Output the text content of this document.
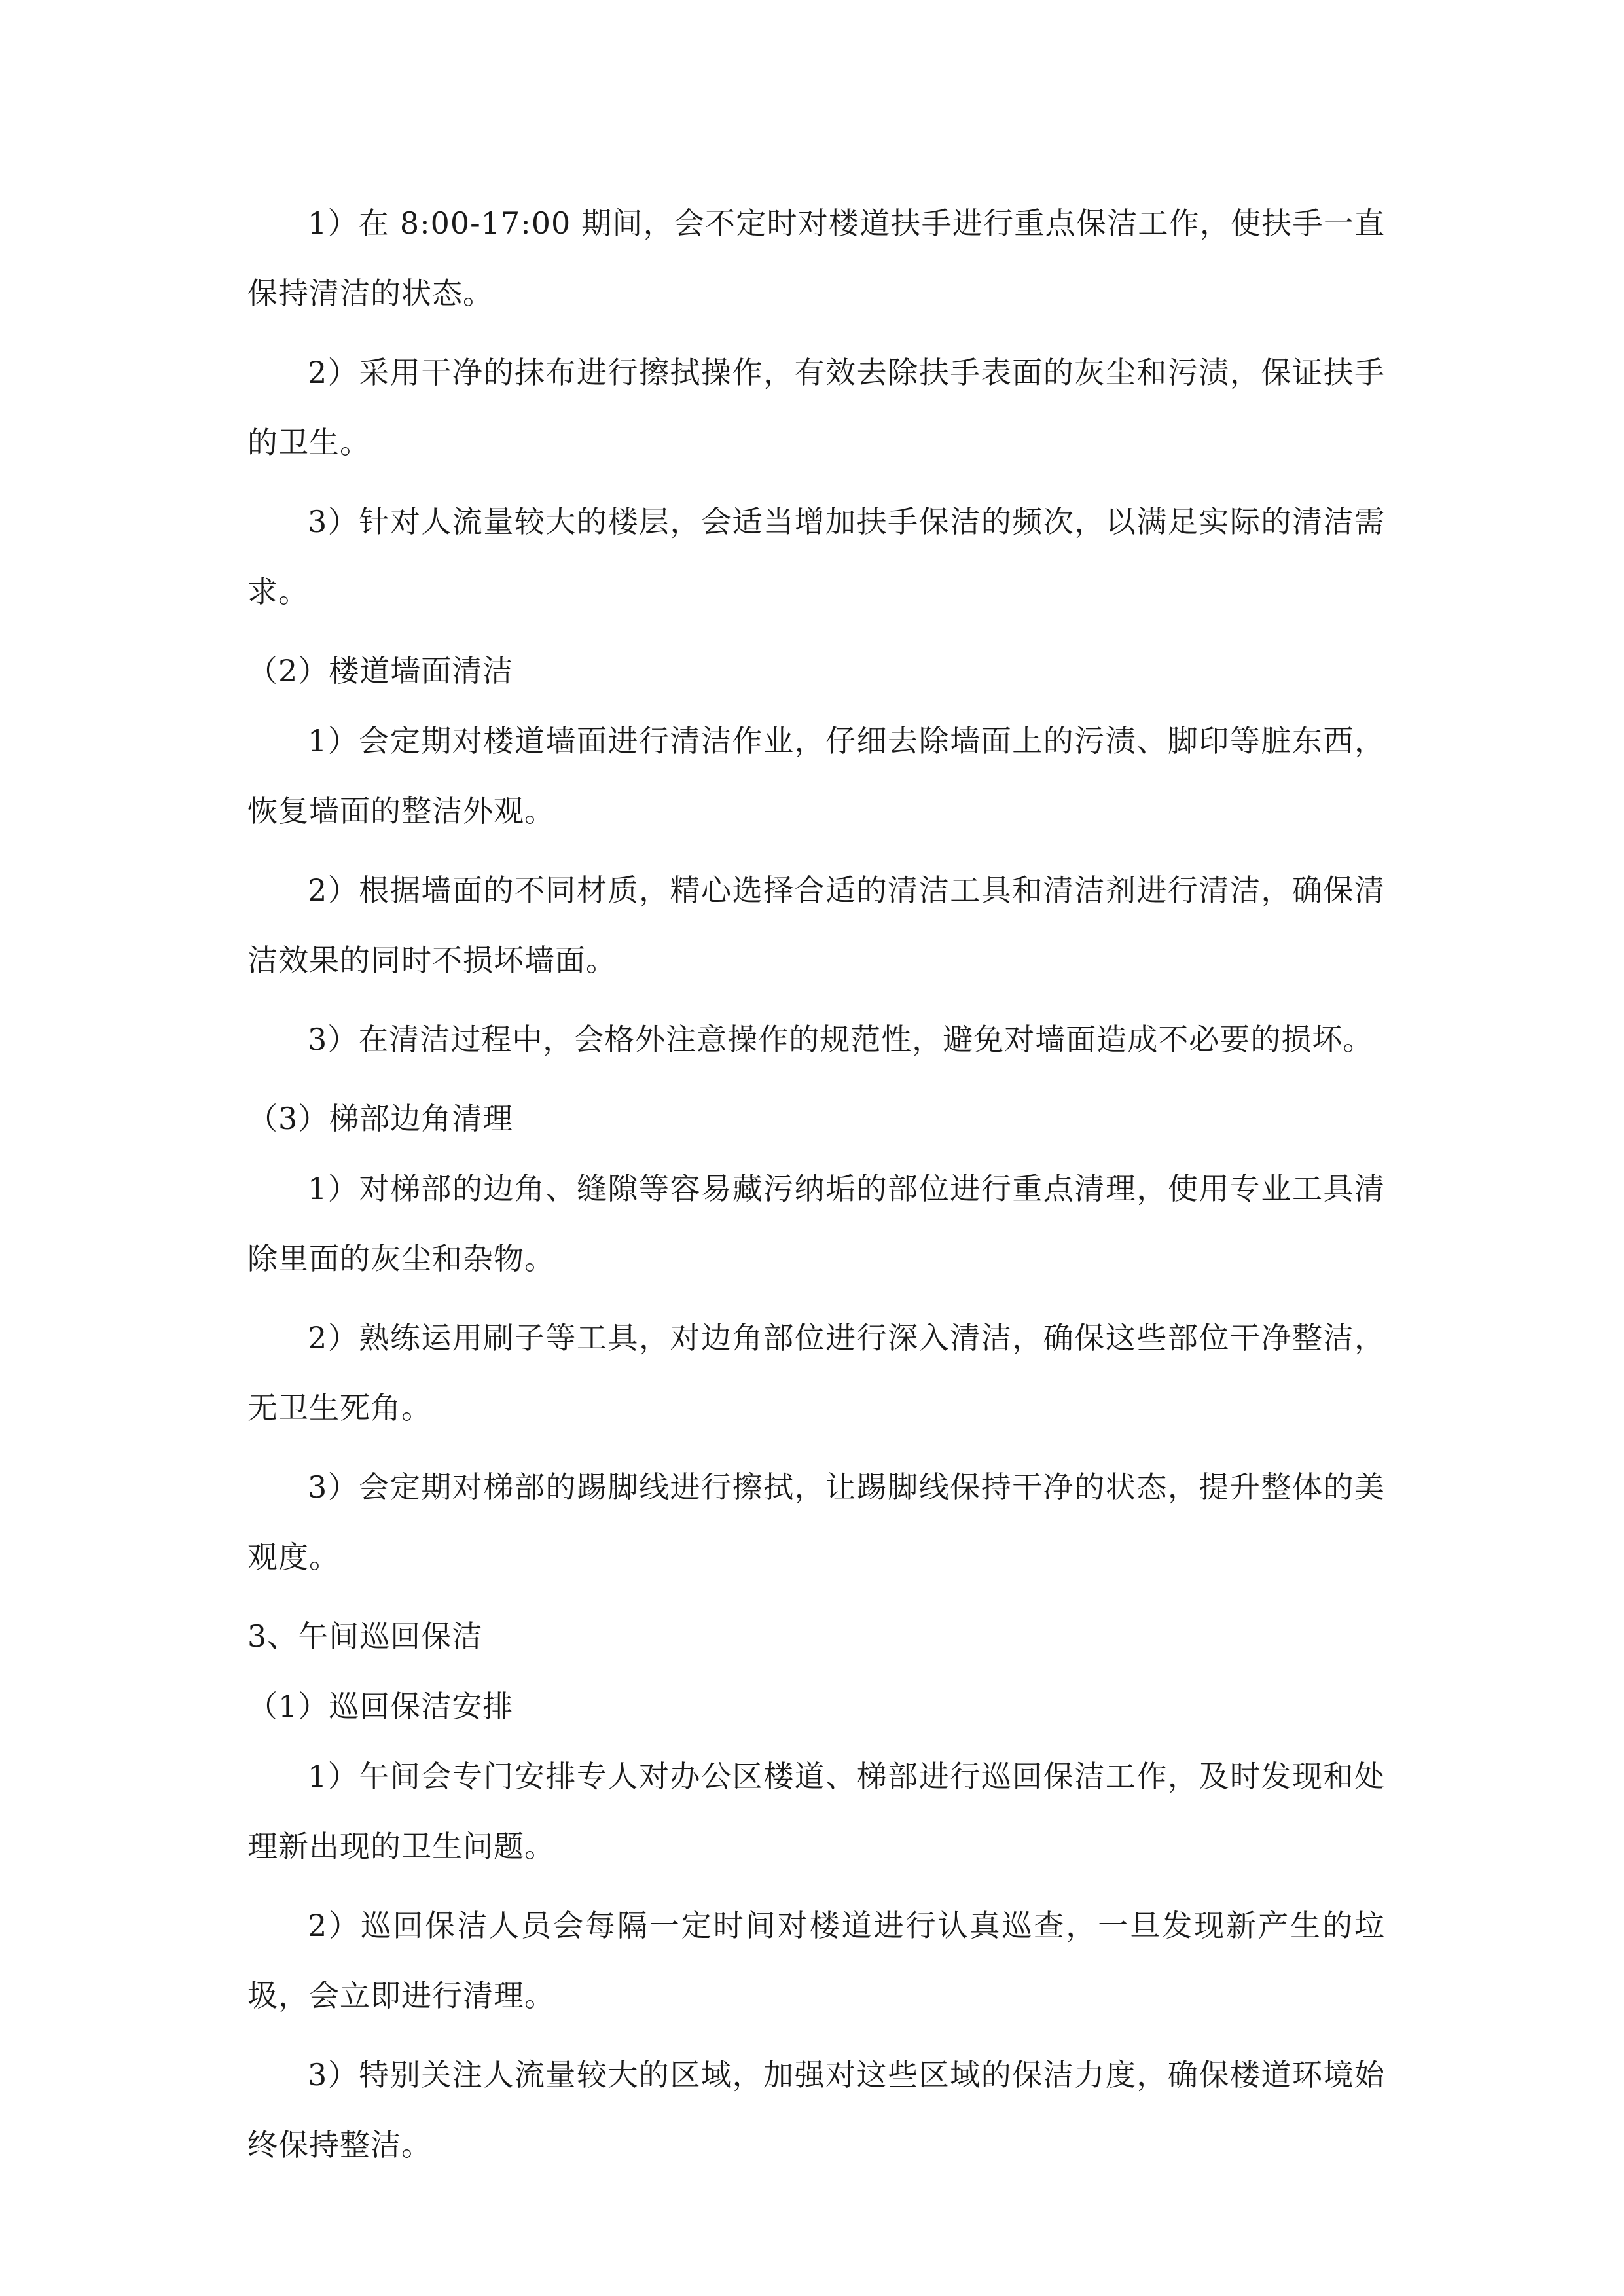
1）在 8:00-17:00 期间，会不定时对楼道扶手进行重点保洁工作，使扶手一直保持清洁的状态。

2）采用干净的抹布进行擦拭操作，有效去除扶手表面的灰尘和污渍，保证扶手的卫生。

3）针对人流量较大的楼层，会适当增加扶手保洁的频次，以满足实际的清洁需求。

（2）楼道墙面清洁

1）会定期对楼道墙面进行清洁作业，仔细去除墙面上的污渍、脚印等脏东西，恢复墙面的整洁外观。

2）根据墙面的不同材质，精心选择合适的清洁工具和清洁剂进行清洁，确保清洁效果的同时不损坏墙面。

3）在清洁过程中，会格外注意操作的规范性，避免对墙面造成不必要的损坏。

（3）梯部边角清理

1）对梯部的边角、缝隙等容易藏污纳垢的部位进行重点清理，使用专业工具清除里面的灰尘和杂物。

2）熟练运用刷子等工具，对边角部位进行深入清洁，确保这些部位干净整洁，无卫生死角。

3）会定期对梯部的踢脚线进行擦拭，让踢脚线保持干净的状态，提升整体的美观度。

3、午间巡回保洁

（1）巡回保洁安排

1）午间会专门安排专人对办公区楼道、梯部进行巡回保洁工作，及时发现和处理新出现的卫生问题。

2）巡回保洁人员会每隔一定时间对楼道进行认真巡查，一旦发现新产生的垃圾，会立即进行清理。

3）特别关注人流量较大的区域，加强对这些区域的保洁力度，确保楼道环境始终保持整洁。
